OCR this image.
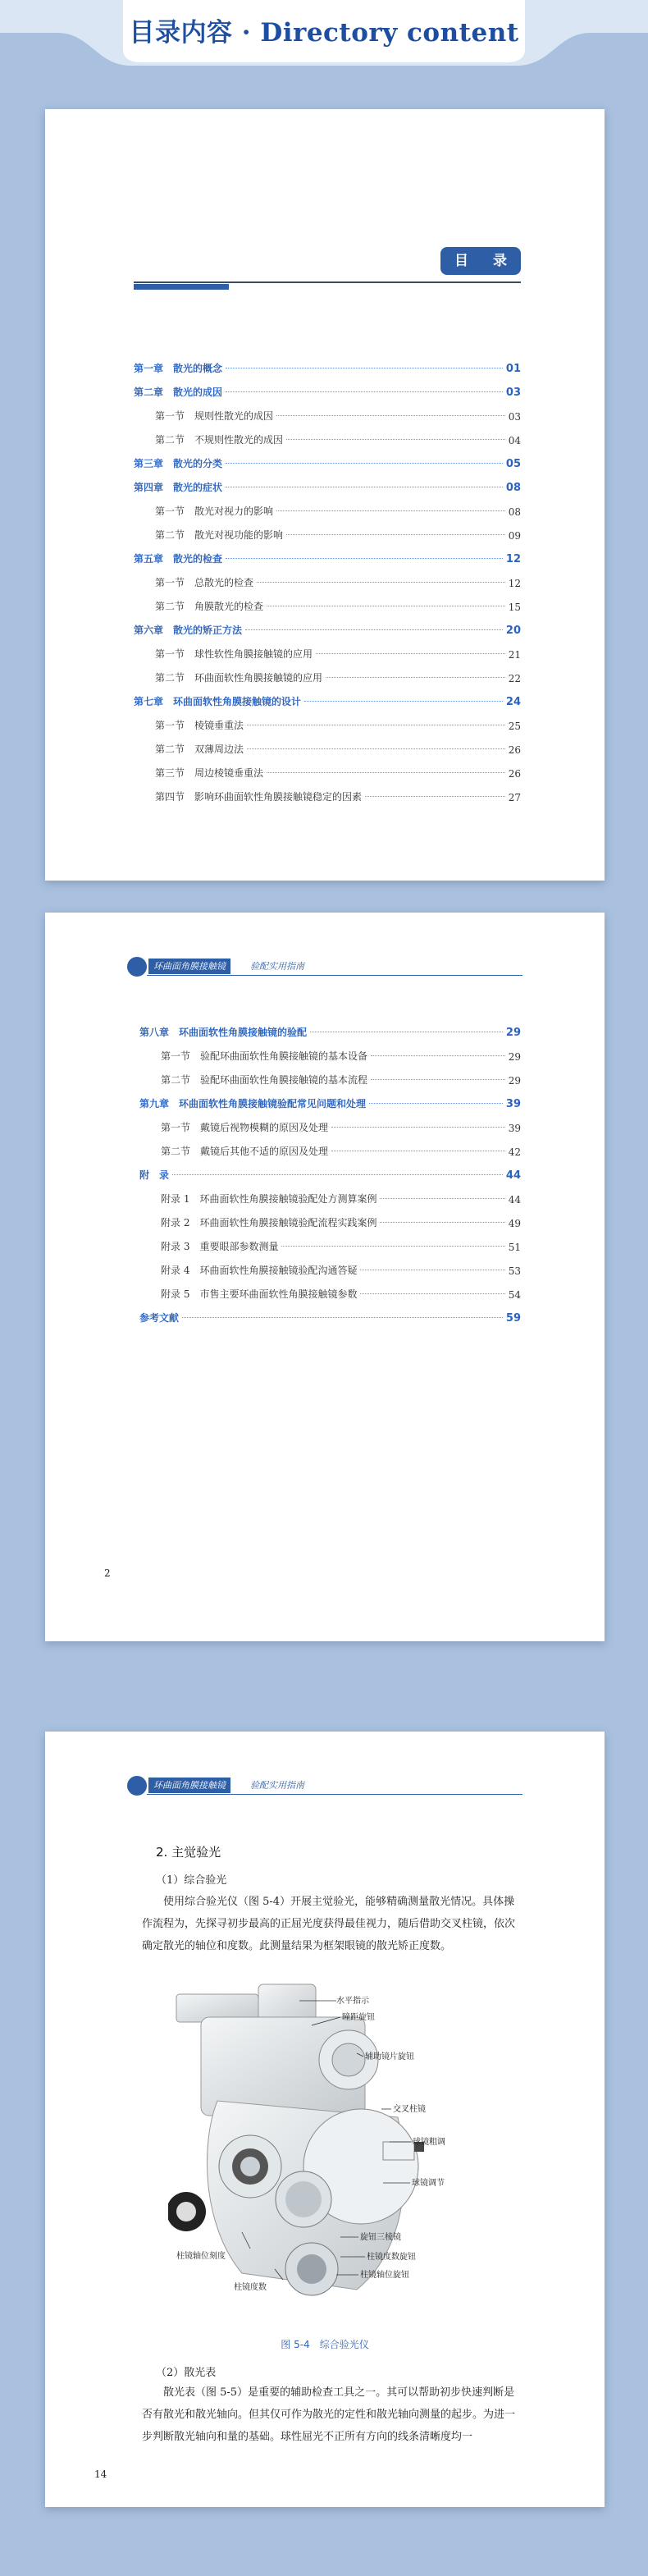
目录内容 · Directory content
目 录
第一章　散光的概念	01
第二章　散光的成因	03
第一节　规则性散光的成因	03
第二节　不规则性散光的成因	04
第三章　散光的分类	05
第四章　散光的症状	08
第一节　散光对视力的影响	08
第二节　散光对视功能的影响	09
第五章　散光的检查	12
第一节　总散光的检查	12
第二节　角膜散光的检查	15
第六章　散光的矫正方法	20
第一节　球性软性角膜接触镜的应用	21
第二节　环曲面软性角膜接触镜的应用	22
第七章　环曲面软性角膜接触镜的设计	24
第一节　棱镜垂重法	25
第二节　双薄周边法	26
第三节　周边棱镜垂重法	26
第四节　影响环曲面软性角膜接触镜稳定的因素	27
环曲面角膜接触镜	验配实用指南
第八章　环曲面软性角膜接触镜的验配	29
第一节　验配环曲面软性角膜接触镜的基本设备	29
第二节　验配环曲面软性角膜接触镜的基本流程	29
第九章　环曲面软性角膜接触镜验配常见问题和处理	39
第一节　戴镜后视物模糊的原因及处理	39
第二节　戴镜后其他不适的原因及处理	42
附　录	44
附录 1　环曲面软性角膜接触镜验配处方测算案例	44
附录 2　环曲面软性角膜接触镜验配流程实践案例	49
附录 3　重要眼部参数测量	51
附录 4　环曲面软性角膜接触镜验配沟通答疑	53
附录 5　市售主要环曲面软性角膜接触镜参数	54
参考文献	59
2
环曲面角膜接触镜	验配实用指南
2. 主觉验光
（1）综合验光
使用综合验光仪（图 5-4）开展主觉验光，能够精确测量散光情况。具体操作流程为，先探寻初步最高的正屈光度获得最佳视力，随后借助交叉柱镜，依次确定散光的轴位和度数。此测量结果为框架眼镜的散光矫正度数。
水平指示
瞳距旋钮
辅助镜片旋钮
交叉柱镜
球镜粗调
球镜调节
柱镜轴位刻度
柱镜度数
旋钮三棱镜
柱镜度数旋钮
柱镜轴位旋钮
图 5-4　综合验光仪
（2）散光表
散光表（图 5-5）是重要的辅助检查工具之一。其可以帮助初步快速判断是否有散光和散光轴向。但其仅可作为散光的定性和散光轴向测量的起步。为进一步判断散光轴向和量的基础。球性屈光不正所有方向的线条清晰度均一
14
